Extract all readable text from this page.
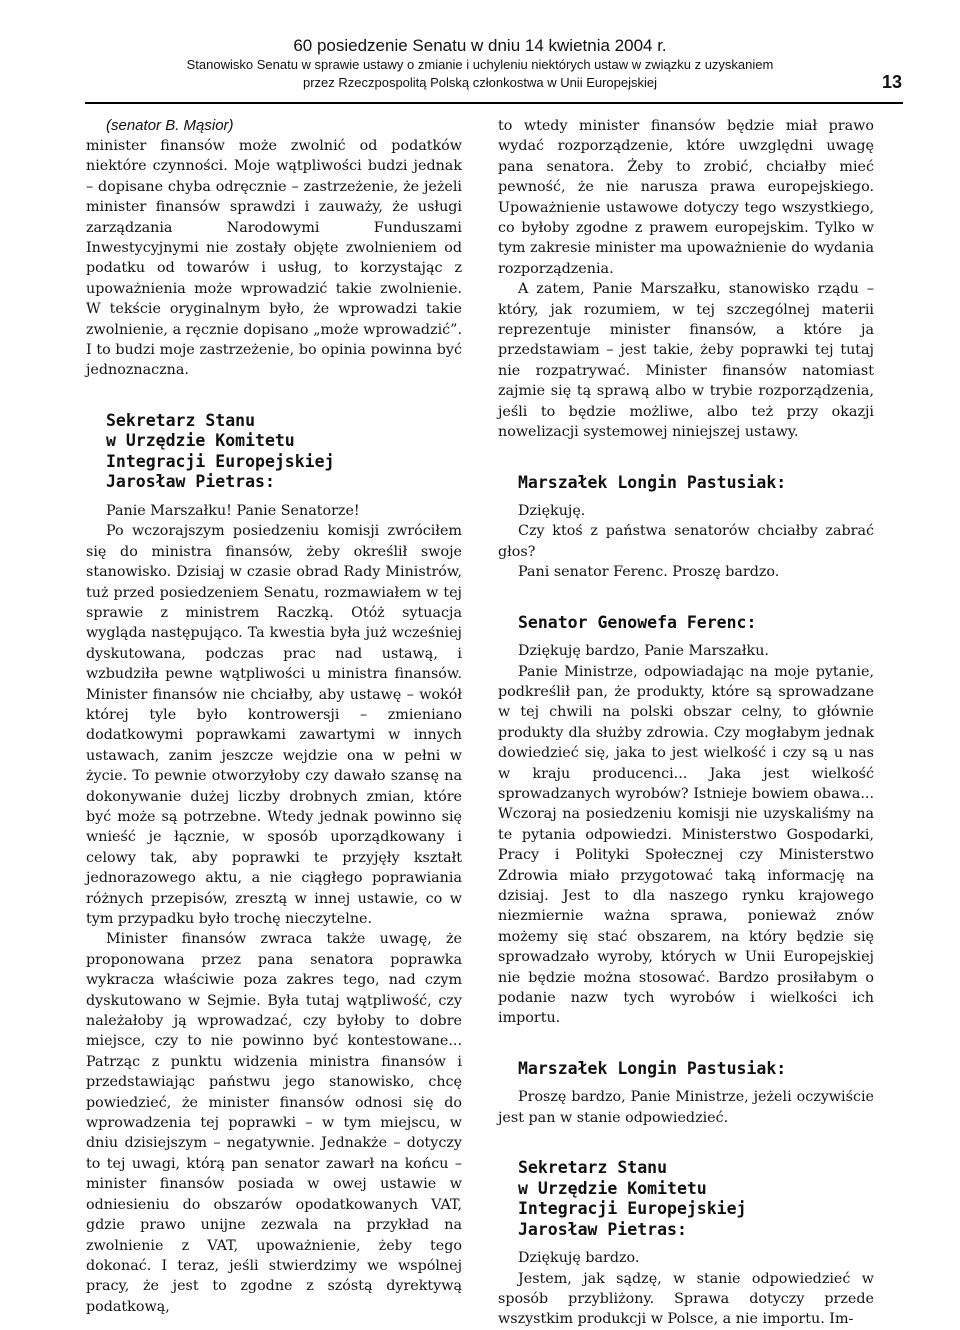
60 posiedzenie Senatu w dniu 14 kwietnia 2004 r.
Stanowisko Senatu w sprawie ustawy o zmianie i uchyleniu niektórych ustaw w związku z uzyskaniem
przez Rzeczpospolitą Polską członkostwa w Unii Europejskiej	13

(senator B. Mąsior)

minister finansów może zwolnić od podatków niektóre czynności. Moje wątpliwości budzi jednak – dopisane chyba odręcznie – zastrzeżenie, że jeżeli minister finansów sprawdzi i zauważy, że usługi zarządzania Narodowymi Funduszami Inwestycyjnymi nie zostały objęte zwolnieniem od podatku od towarów i usług, to korzystając z upoważnienia może wprowadzić takie zwolnienie. W tekście oryginalnym było, że wprowadzi takie zwolnienie, a ręcznie dopisano „może wprowadzić”. I to budzi moje zastrzeżenie, bo opinia powinna być jednoznaczna.

Sekretarz Stanu
w Urzędzie Komitetu
Integracji Europejskiej
Jarosław Pietras:

Panie Marszałku! Panie Senatorze!

Po wczorajszym posiedzeniu komisji zwróciłem się do ministra finansów, żeby określił swoje stanowisko. Dzisiaj w czasie obrad Rady Ministrów, tuż przed posiedzeniem Senatu, rozmawiałem w tej sprawie z ministrem Raczką. Otóż sytuacja wygląda następująco. Ta kwestia była już wcześniej dyskutowana, podczas prac nad ustawą, i wzbudziła pewne wątpliwości u ministra finansów. Minister finansów nie chciałby, aby ustawę – wokół której tyle było kontrowersji – zmieniano dodatkowymi poprawkami zawartymi w innych ustawach, zanim jeszcze wejdzie ona w pełni w życie. To pewnie otworzyłoby czy dawało szansę na dokonywanie dużej liczby drobnych zmian, które być może są potrzebne. Wtedy jednak powinno się wnieść je łącznie, w sposób uporządkowany i celowy tak, aby poprawki te przyjęły kształt jednorazowego aktu, a nie ciągłego poprawiania różnych przepisów, zresztą w innej ustawie, co w tym przypadku było trochę nieczytelne.

Minister finansów zwraca także uwagę, że proponowana przez pana senatora poprawka wykracza właściwie poza zakres tego, nad czym dyskutowano w Sejmie. Była tutaj wątpliwość, czy należałoby ją wprowadzać, czy byłoby to dobre miejsce, czy to nie powinno być kontestowane... Patrząc z punktu widzenia ministra finansów i przedstawiając państwu jego stanowisko, chcę powiedzieć, że minister finansów odnosi się do wprowadzenia tej poprawki – w tym miejscu, w dniu dzisiejszym – negatywnie. Jednakże – dotyczy to tej uwagi, którą pan senator zawarł na końcu – minister finansów posiada w owej ustawie w odniesieniu do obszarów opodatkowanych VAT, gdzie prawo unijne zezwala na przykład na zwolnienie z VAT, upoważnienie, żeby tego dokonać. I teraz, jeśli stwierdzimy we wspólnej pracy, że jest to zgodne z szóstą dyrektywą podatkową,

to wtedy minister finansów będzie miał prawo wydać rozporządzenie, które uwzględni uwagę pana senatora. Żeby to zrobić, chciałby mieć pewność, że nie narusza prawa europejskiego. Upoważnienie ustawowe dotyczy tego wszystkiego, co byłoby zgodne z prawem europejskim. Tylko w tym zakresie minister ma upoważnienie do wydania rozporządzenia.

A zatem, Panie Marszałku, stanowisko rządu – który, jak rozumiem, w tej szczególnej materii reprezentuje minister finansów, a które ja przedstawiam – jest takie, żeby poprawki tej tutaj nie rozpatrywać. Minister finansów natomiast zajmie się tą sprawą albo w trybie rozporządzenia, jeśli to będzie możliwe, albo też przy okazji nowelizacji systemowej niniejszej ustawy.

Marszałek Longin Pastusiak:

Dziękuję.

Czy ktoś z państwa senatorów chciałby zabrać głos?

Pani senator Ferenc. Proszę bardzo.

Senator Genowefa Ferenc:

Dziękuję bardzo, Panie Marszałku.

Panie Ministrze, odpowiadając na moje pytanie, podkreślił pan, że produkty, które są sprowadzane w tej chwili na polski obszar celny, to głównie produkty dla służby zdrowia. Czy mogłabym jednak dowiedzieć się, jaka to jest wielkość i czy są u nas w kraju producenci... Jaka jest wielkość sprowadzanych wyrobów? Istnieje bowiem obawa... Wczoraj na posiedzeniu komisji nie uzyskaliśmy na te pytania odpowiedzi. Ministerstwo Gospodarki, Pracy i Polityki Społecznej czy Ministerstwo Zdrowia miało przygotować taką informację na dzisiaj. Jest to dla naszego rynku krajowego niezmiernie ważna sprawa, ponieważ znów możemy się stać obszarem, na który będzie się sprowadzało wyroby, których w Unii Europejskiej nie będzie można stosować. Bardzo prosiłabym o podanie nazw tych wyrobów i wielkości ich importu.

Marszałek Longin Pastusiak:

Proszę bardzo, Panie Ministrze, jeżeli oczywiście jest pan w stanie odpowiedzieć.

Sekretarz Stanu
w Urzędzie Komitetu
Integracji Europejskiej
Jarosław Pietras:

Dziękuję bardzo.

Jestem, jak sądzę, w stanie odpowiedzieć w sposób przybliżony. Sprawa dotyczy przede wszystkim produkcji w Polsce, a nie importu. Im-
